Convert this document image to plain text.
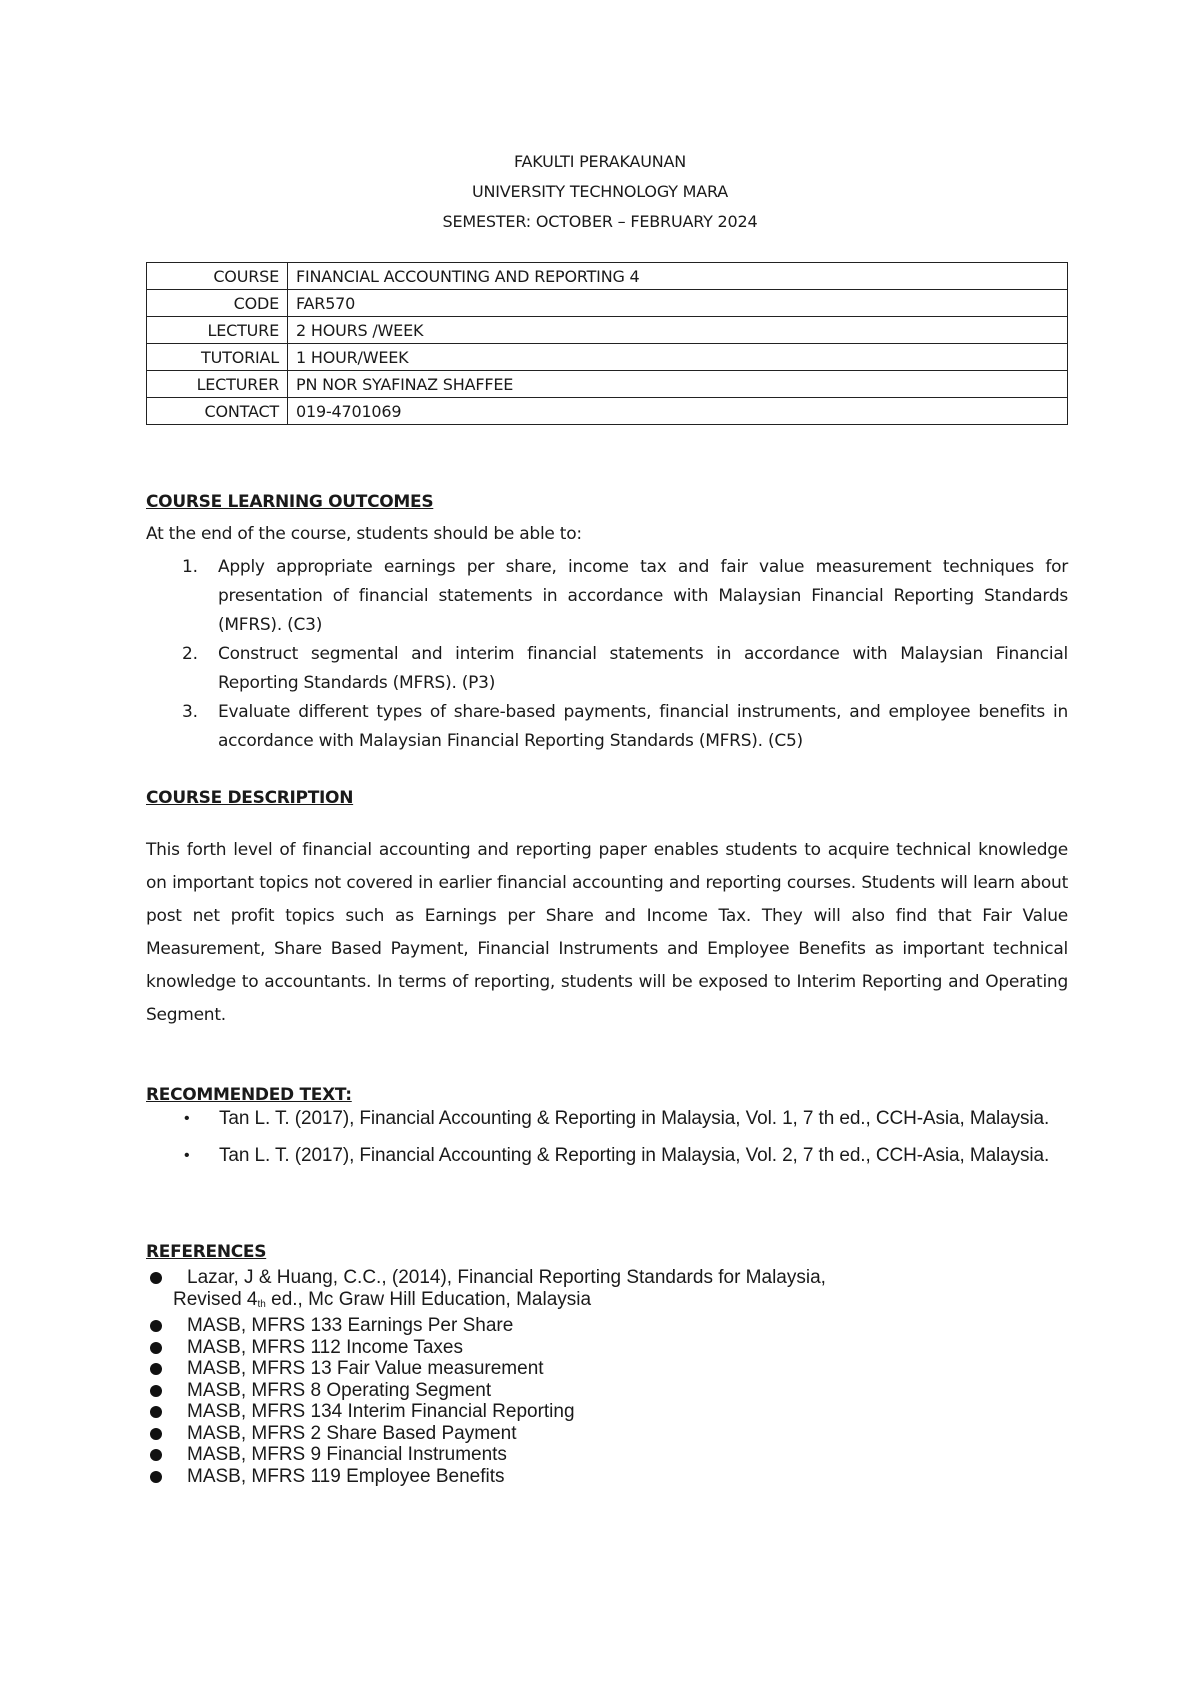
FAKULTI PERAKAUNAN
UNIVERSITY TECHNOLOGY MARA
SEMESTER: OCTOBER – FEBRUARY 2024
COURSE	FINANCIAL ACCOUNTING AND REPORTING 4
CODE	FAR570
LECTURE	2 HOURS /WEEK
TUTORIAL	1 HOUR/WEEK
LECTURER	PN NOR SYAFINAZ SHAFFEE
CONTACT	019-4701069
COURSE LEARNING OUTCOMES
At the end of the course, students should be able to:
1. Apply appropriate earnings per share, income tax and fair value measurement techniques for presentation of financial statements in accordance with Malaysian Financial Reporting Standards (MFRS). (C3)
2. Construct segmental and interim financial statements in accordance with Malaysian Financial Reporting Standards (MFRS). (P3)
3. Evaluate different types of share-based payments, financial instruments, and employee benefits in accordance with Malaysian Financial Reporting Standards (MFRS). (C5)
COURSE DESCRIPTION
This forth level of financial accounting and reporting paper enables students to acquire technical knowledge on important topics not covered in earlier financial accounting and reporting courses. Students will learn about post net profit topics such as Earnings per Share and Income Tax. They will also find that Fair Value Measurement, Share Based Payment, Financial Instruments and Employee Benefits as important technical knowledge to accountants. In terms of reporting, students will be exposed to Interim Reporting and Operating Segment.
RECOMMENDED TEXT:
• Tan L. T. (2017), Financial Accounting & Reporting in Malaysia, Vol. 1, 7 th ed., CCH-Asia, Malaysia.
• Tan L. T. (2017), Financial Accounting & Reporting in Malaysia, Vol. 2, 7 th ed., CCH-Asia, Malaysia.
REFERENCES
Lazar, J & Huang, C.C., (2014), Financial Reporting Standards for Malaysia,
Revised 4th ed., Mc Graw Hill Education, Malaysia
MASB, MFRS 133 Earnings Per Share
MASB, MFRS 112 Income Taxes
MASB, MFRS 13 Fair Value measurement
MASB, MFRS 8 Operating Segment
MASB, MFRS 134 Interim Financial Reporting
MASB, MFRS 2 Share Based Payment
MASB, MFRS 9 Financial Instruments
MASB, MFRS 119 Employee Benefits
